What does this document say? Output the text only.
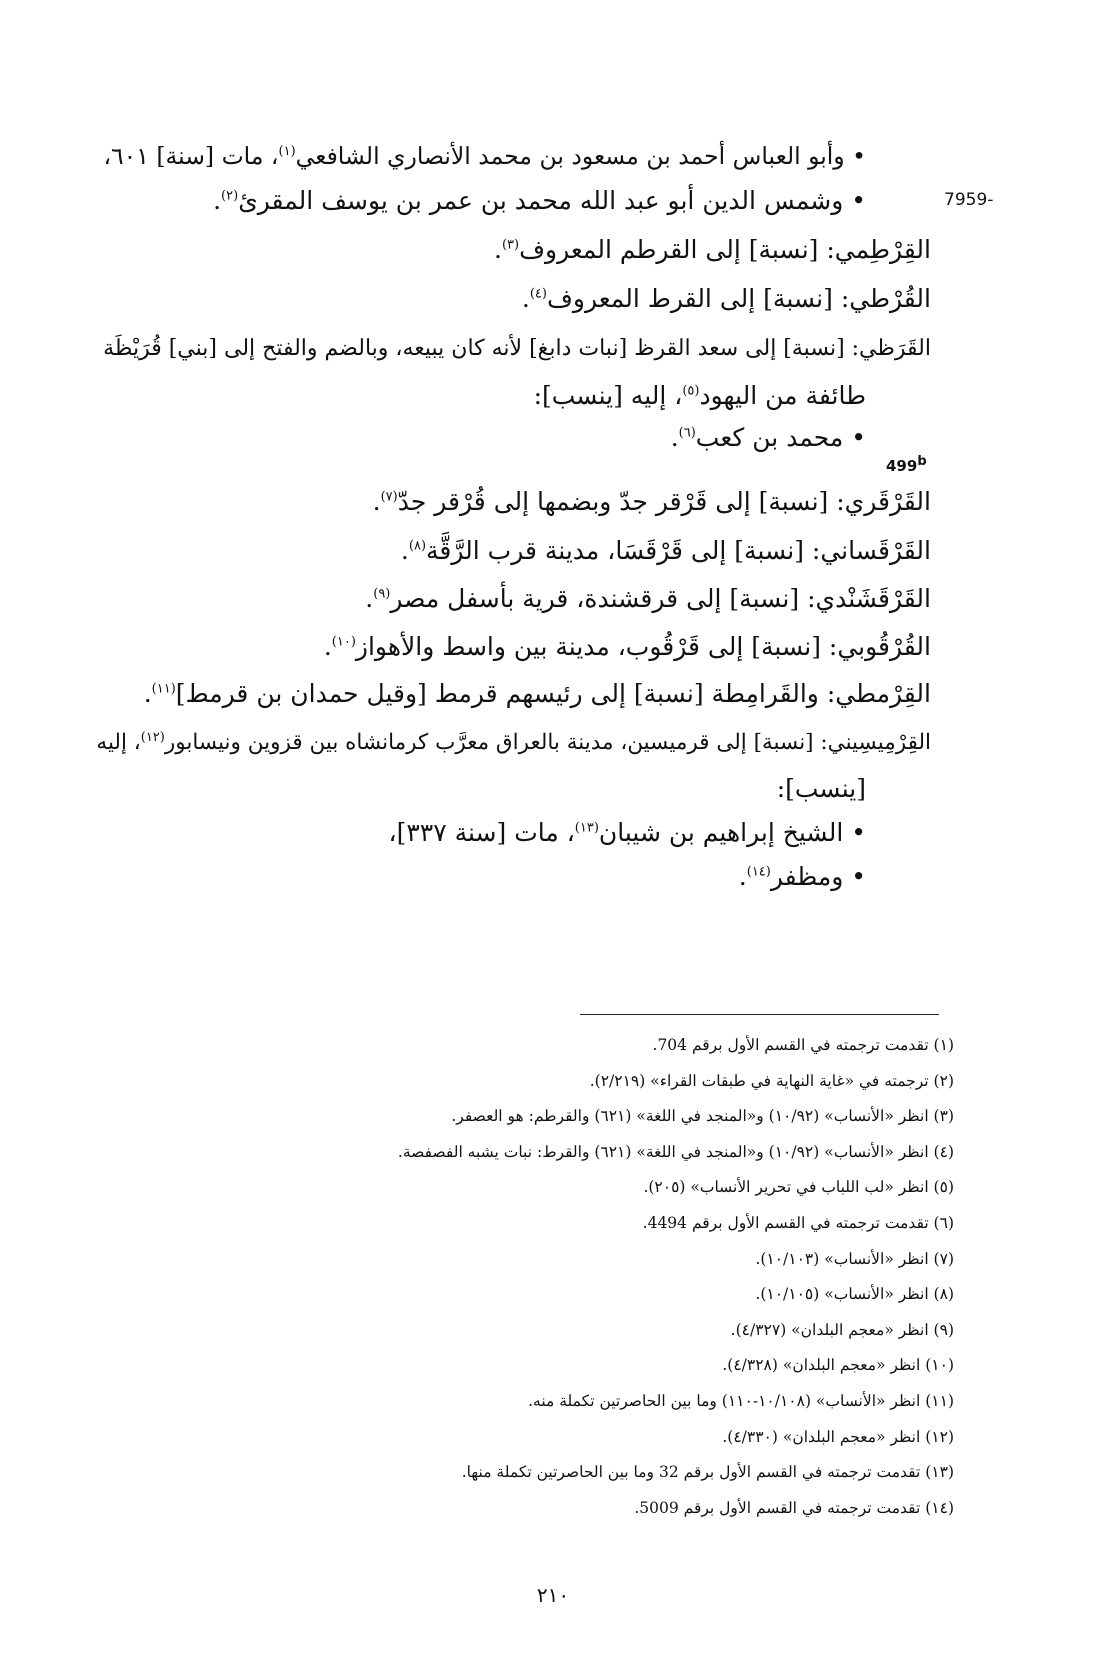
• وأبو العباس أحمد بن مسعود بن محمد الأنصاري الشافعي$^{(١)}$، مات [سنة] ٦٠١،
• وشمس الدين أبو عبد الله محمد بن عمر بن يوسف المقرئ$^{(٢)}$.
القِرْطِمي: [نسبة] إلى القرطم المعروف$^{(٣)}$.
القُرْطي: [نسبة] إلى القرط المعروف$^{(٤)}$.
القَرَظي: [نسبة] إلى سعد القرظ [نبات دابغ] لأنه كان يبيعه، وبالضم والفتح إلى [بني] قُرَيْظَة
طائفة من اليهود$^{(٥)}$، إليه [ينسب]:
• محمد بن كعب$^{(٦)}$.
القَرْقَري: [نسبة] إلى قَرْقر جدّ وبضمها إلى قُرْقر جدّ$^{(٧)}$.
القَرْقَساني: [نسبة] إلى قَرْقَسَا، مدينة قرب الرَّقَّة$^{(٨)}$.
القَرْقَشَنْدي: [نسبة] إلى قرقشندة، قرية بأسفل مصر$^{(٩)}$.
القُرْقُوبي: [نسبة] إلى قَرْقُوب، مدينة بين واسط والأهواز$^{(١٠)}$.
القِرْمطي: والقَرامِطة [نسبة] إلى رئيسهم قرمط [وقيل حمدان بن قرمط]$^{(١١)}$.
القِرْمِيسِيني: [نسبة] إلى قرميسين، مدينة بالعراق معرَّب كرمانشاه بين قزوين ونيسابور$^{(١٢)}$، إليه
[ينسب]:
• الشيخ إبراهيم بن شيبان$^{(١٣)}$، مات [سنة ٣٣٧]،
• ومظفر$^{(١٤)}$.
7959-
499$^b$
(١) تقدمت ترجمته في القسم الأول برقم 704.
(٢) ترجمته في «غاية النهاية في طبقات القراء» (٢/٢١٩).
(٣) انظر «الأنساب» (١٠/٩٢) و«المنجد في اللغة» (٦٢١) والقرطم: هو العصفر.
(٤) انظر «الأنساب» (١٠/٩٢) و«المنجد في اللغة» (٦٢١) والقرط: نبات يشبه الفصفصة.
(٥) انظر «لب اللباب في تحرير الأنساب» (٢٠٥).
(٦) تقدمت ترجمته في القسم الأول برقم 4494.
(٧) انظر «الأنساب» (١٠/١٠٣).
(٨) انظر «الأنساب» (١٠/١٠٥).
(٩) انظر «معجم البلدان» (٤/٣٢٧).
(١٠) انظر «معجم البلدان» (٤/٣٢٨).
(١١) انظر «الأنساب» (١٠/١٠٨-١١٠) وما بين الحاصرتين تكملة منه.
(١٢) انظر «معجم البلدان» (٤/٣٣٠).
(١٣) تقدمت ترجمته في القسم الأول برقم 32 وما بين الحاصرتين تكملة منها.
(١٤) تقدمت ترجمته في القسم الأول برقم 5009.
٢١٠
